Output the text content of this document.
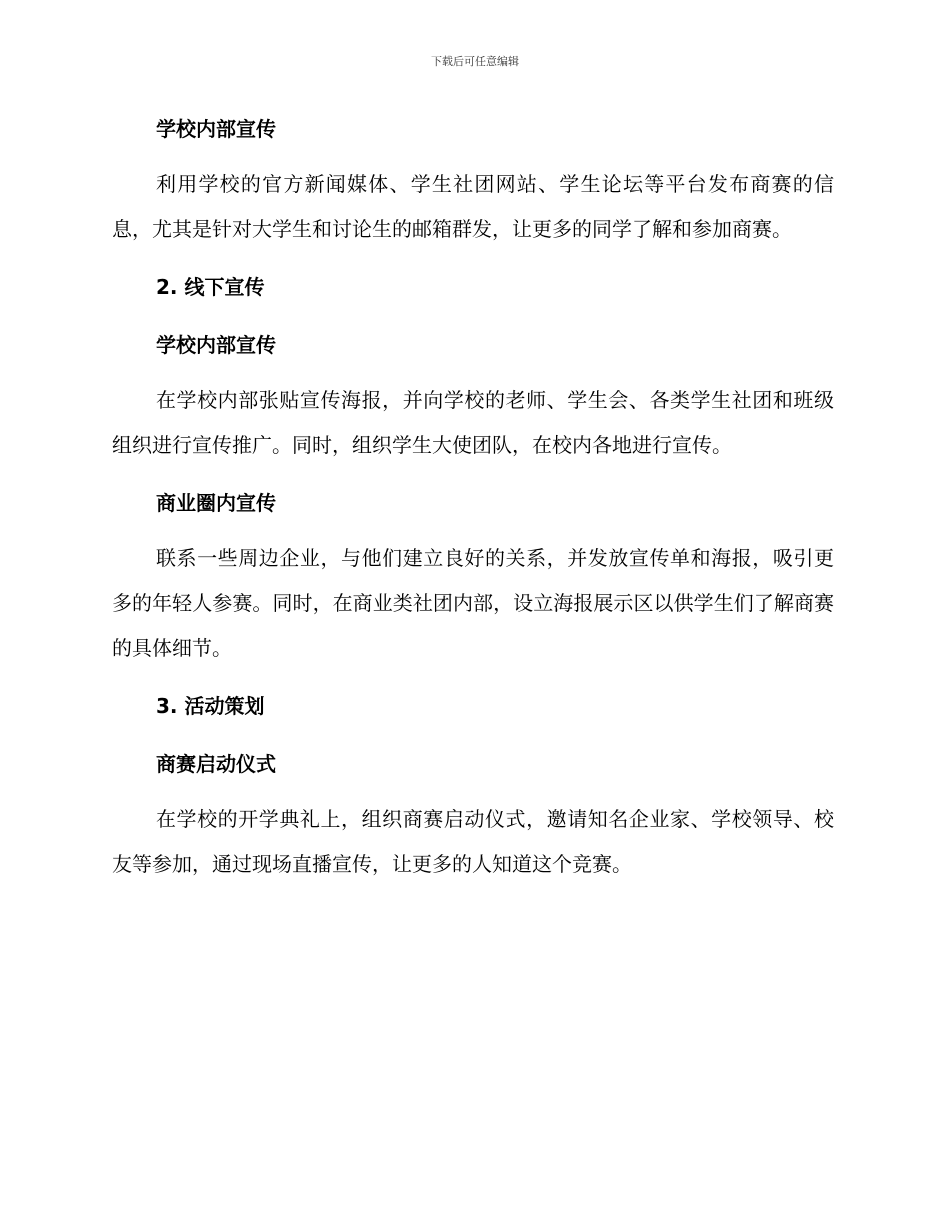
下载后可任意编辑

学校内部宣传

利用学校的官方新闻媒体、学生社团网站、学生论坛等平台发布商赛的信息，尤其是针对大学生和讨论生的邮箱群发，让更多的同学了解和参加商赛。

2. 线下宣传

学校内部宣传

在学校内部张贴宣传海报，并向学校的老师、学生会、各类学生社团和班级组织进行宣传推广。同时，组织学生大使团队，在校内各地进行宣传。

商业圈内宣传

联系一些周边企业，与他们建立良好的关系，并发放宣传单和海报，吸引更多的年轻人参赛。同时，在商业类社团内部，设立海报展示区以供学生们了解商赛的具体细节。

3. 活动策划

商赛启动仪式

在学校的开学典礼上，组织商赛启动仪式，邀请知名企业家、学校领导、校友等参加，通过现场直播宣传，让更多的人知道这个竞赛。
